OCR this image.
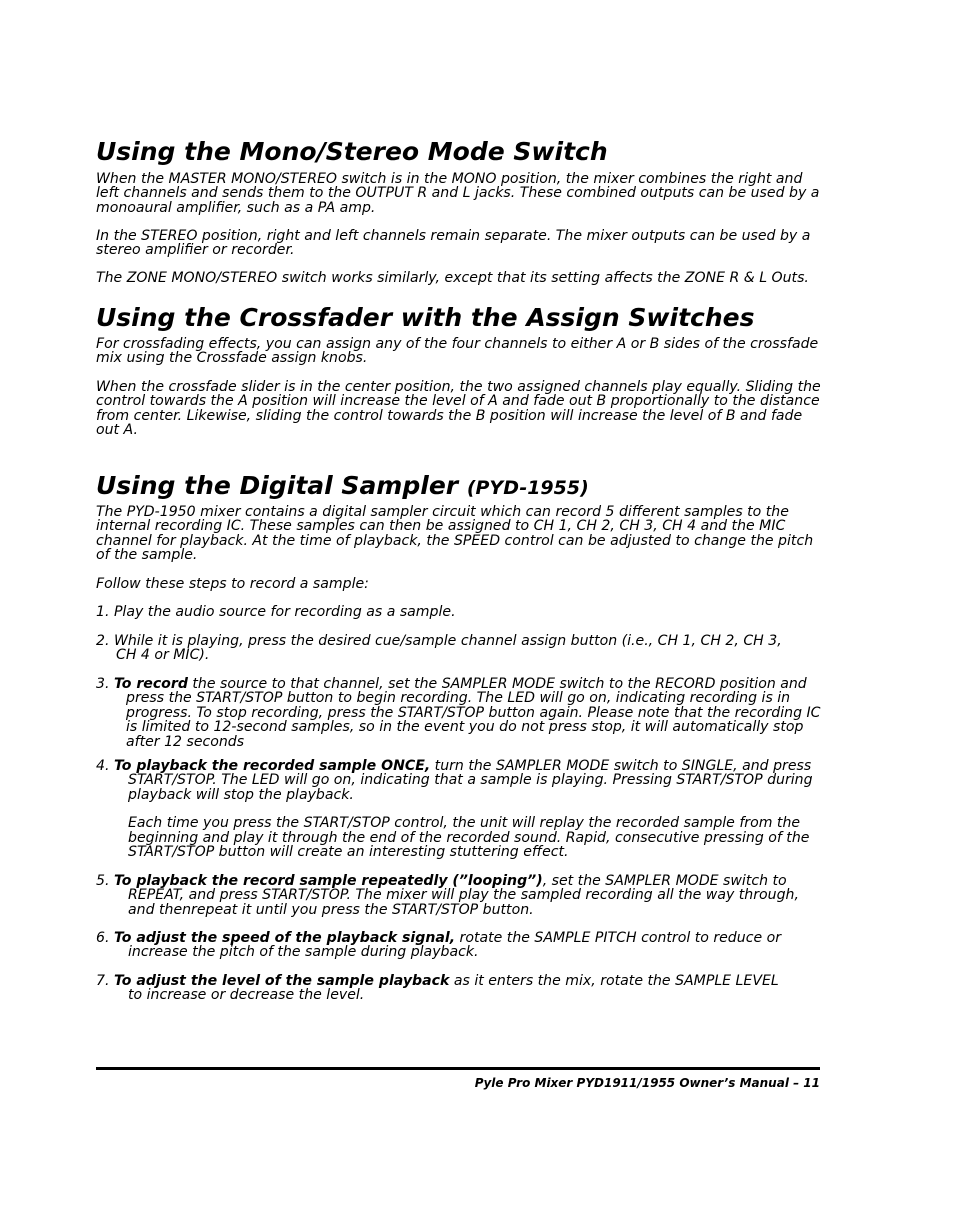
Using the Mono/Stereo Mode Switch

When the MASTER MONO/STEREO switch is in the MONO position, the mixer combines the right and left channels and sends them to the OUTPUT R and L jacks. These combined outputs can be used by a monoaural amplifier, such as a PA amp.

In the STEREO position, right and left channels remain separate. The mixer outputs can be used by a stereo amplifier or recorder.

The ZONE MONO/STEREO switch works similarly, except that its setting affects the ZONE R & L Outs.

Using the Crossfader with the Assign Switches

For crossfading effects, you can assign any of the four channels to either A or B sides of the crossfade mix using the Crossfade assign knobs.

When the crossfade slider is in the center position, the two assigned channels play equally. Sliding the control towards the A position will increase the level of A and fade out B proportionally to the distance from center. Likewise, sliding the control towards the B position will increase the level of B and fade out A.

Using the Digital Sampler (PYD-1955)

The PYD-1950 mixer contains a digital sampler circuit which can record 5 different samples to the internal recording IC. These samples can then be assigned to CH 1, CH 2, CH 3, CH 4 and the MIC channel for playback. At the time of playback, the SPEED control can be adjusted to change the pitch of the sample.

Follow these steps to record a sample:

1. Play the audio source for recording as a sample.
2. While it is playing, press the desired cue/sample channel assign button (i.e., CH 1, CH 2, CH 3,
CH 4 or MIC).
3. To record the source to that channel, set the SAMPLER MODE switch to the RECORD position and
press the START/STOP button to begin recording. The LED will go on, indicating recording is in progress. To stop recording, press the START/STOP button again. Please note that the recording IC is limited to 12-second samples, so in the event you do not press stop, it will automatically stop after 12 seconds
4. To playback the recorded sample ONCE, turn the SAMPLER MODE switch to SINGLE, and press
START/STOP. The LED will go on, indicating that a sample is playing. Pressing START/STOP during playback will stop the playback.
Each time you press the START/STOP control, the unit will replay the recorded sample from the beginning and play it through the end of the recorded sound. Rapid, consecutive pressing of the START/STOP button will create an interesting stuttering effect.
5. To playback the record sample repeatedly (”looping”), set the SAMPLER MODE switch to
REPEAT, and press START/STOP. The mixer will play the sampled recording all the way through, and thenrepeat it until you press the START/STOP button.
6. To adjust the speed of the playback signal, rotate the SAMPLE PITCH control to reduce or
increase the pitch of the sample during playback.
7. To adjust the level of the sample playback as it enters the mix, rotate the SAMPLE LEVEL
to increase or decrease the level.

Pyle Pro Mixer PYD1911/1955 Owner’s Manual – 11
